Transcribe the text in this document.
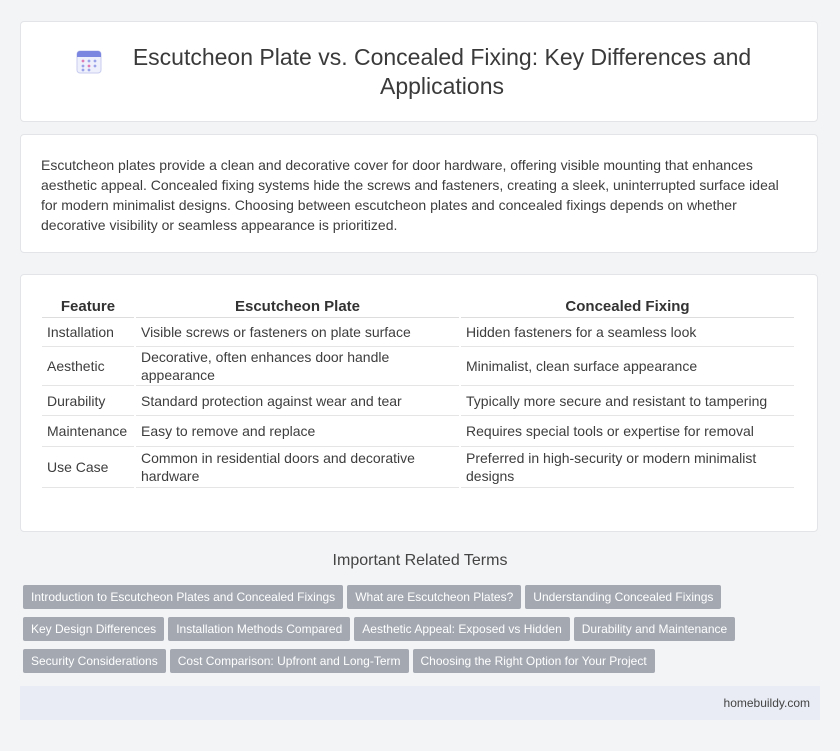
Escutcheon Plate vs. Concealed Fixing: Key Differences and Applications

Escutcheon plates provide a clean and decorative cover for door hardware, offering visible mounting that enhances aesthetic appeal. Concealed fixing systems hide the screws and fasteners, creating a sleek, uninterrupted surface ideal for modern minimalist designs. Choosing between escutcheon plates and concealed fixings depends on whether decorative visibility or seamless appearance is prioritized.

Feature	Escutcheon Plate	Concealed Fixing
Installation	Visible screws or fasteners on plate surface	Hidden fasteners for a seamless look
Aesthetic	Decorative, often enhances door handle appearance	Minimalist, clean surface appearance
Durability	Standard protection against wear and tear	Typically more secure and resistant to tampering
Maintenance	Easy to remove and replace	Requires special tools or expertise for removal
Use Case	Common in residential doors and decorative hardware	Preferred in high-security or modern minimalist designs
Important Related Terms
Introduction to Escutcheon Plates and Concealed Fixings What are Escutcheon Plates? Understanding Concealed Fixings
Key Design Differences Installation Methods Compared Aesthetic Appeal: Exposed vs Hidden Durability and Maintenance
Security Considerations Cost Comparison: Upfront and Long-Term Choosing the Right Option for Your Project
homebuildy.com
